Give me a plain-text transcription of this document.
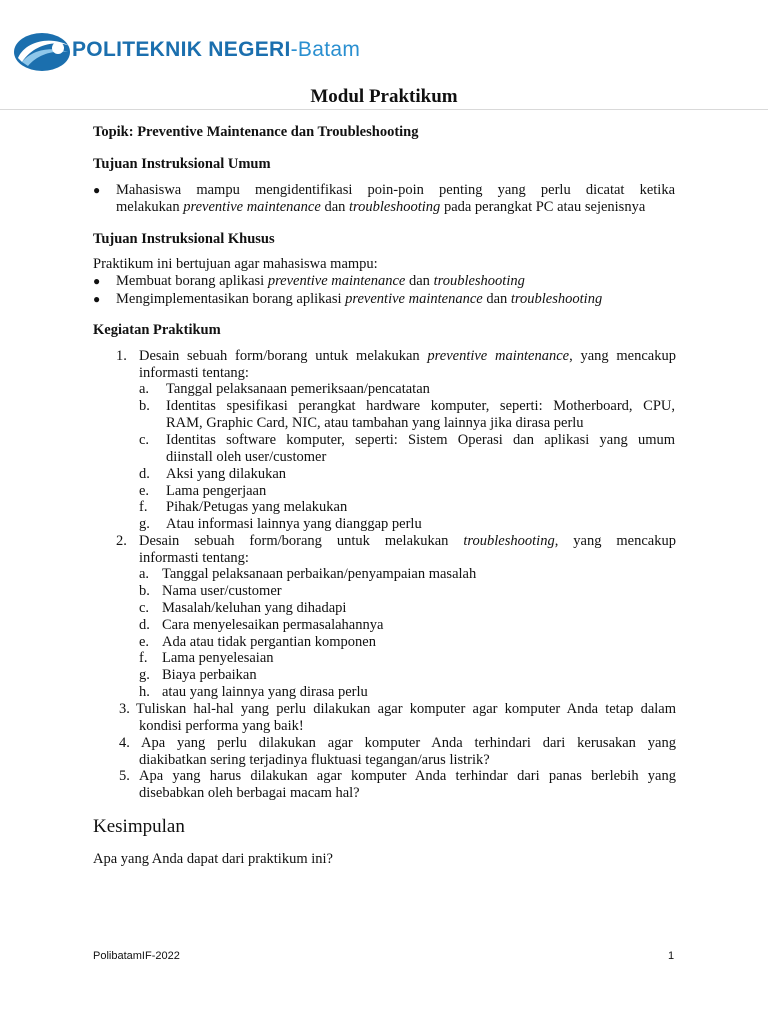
POLITEKNIK NEGERI-Batam
Modul Praktikum
Topik: Preventive Maintenance dan Troubleshooting
Tujuan Instruksional Umum
● Mahasiswa mampu mengidentifikasi poin-poin penting yang perlu dicatat ketika
melakukan preventive maintenance dan troubleshooting pada perangkat PC atau sejenisnya
Tujuan Instruksional Khusus
Praktikum ini bertujuan agar mahasiswa mampu:
● Membuat borang aplikasi preventive maintenance dan troubleshooting
● Mengimplementasikan borang aplikasi preventive maintenance dan troubleshooting
Kegiatan Praktikum
1. Desain sebuah form/borang untuk melakukan preventive maintenance, yang mencakup
informasti tentang:
a. Tanggal pelaksanaan pemeriksaan/pencatatan
b. Identitas spesifikasi perangkat hardware komputer, seperti: Motherboard, CPU,
RAM, Graphic Card, NIC, atau tambahan yang lainnya jika dirasa perlu
c. Identitas software komputer, seperti: Sistem Operasi dan aplikasi yang umum
diinstall oleh user/customer
d. Aksi yang dilakukan
e. Lama pengerjaan
f. Pihak/Petugas yang melakukan
g. Atau informasi lainnya yang dianggap perlu
2. Desain sebuah form/borang untuk melakukan troubleshooting, yang mencakup
informasti tentang:
a. Tanggal pelaksanaan perbaikan/penyampaian masalah
b. Nama user/customer
c. Masalah/keluhan yang dihadapi
d. Cara menyelesaikan permasalahannya
e. Ada atau tidak pergantian komponen
f. Lama penyelesaian
g. Biaya perbaikan
h. atau yang lainnya yang dirasa perlu
3. Tuliskan hal-hal yang perlu dilakukan agar komputer agar komputer Anda tetap dalam
kondisi performa yang baik!
4. Apa yang perlu dilakukan agar komputer Anda terhindari dari kerusakan yang
diakibatkan sering terjadinya fluktuasi tegangan/arus listrik?
5. Apa yang harus dilakukan agar komputer Anda terhindar dari panas berlebih yang
disebabkan oleh berbagai macam hal?
Kesimpulan
Apa yang Anda dapat dari praktikum ini?
PolibatamIF-2022	1
